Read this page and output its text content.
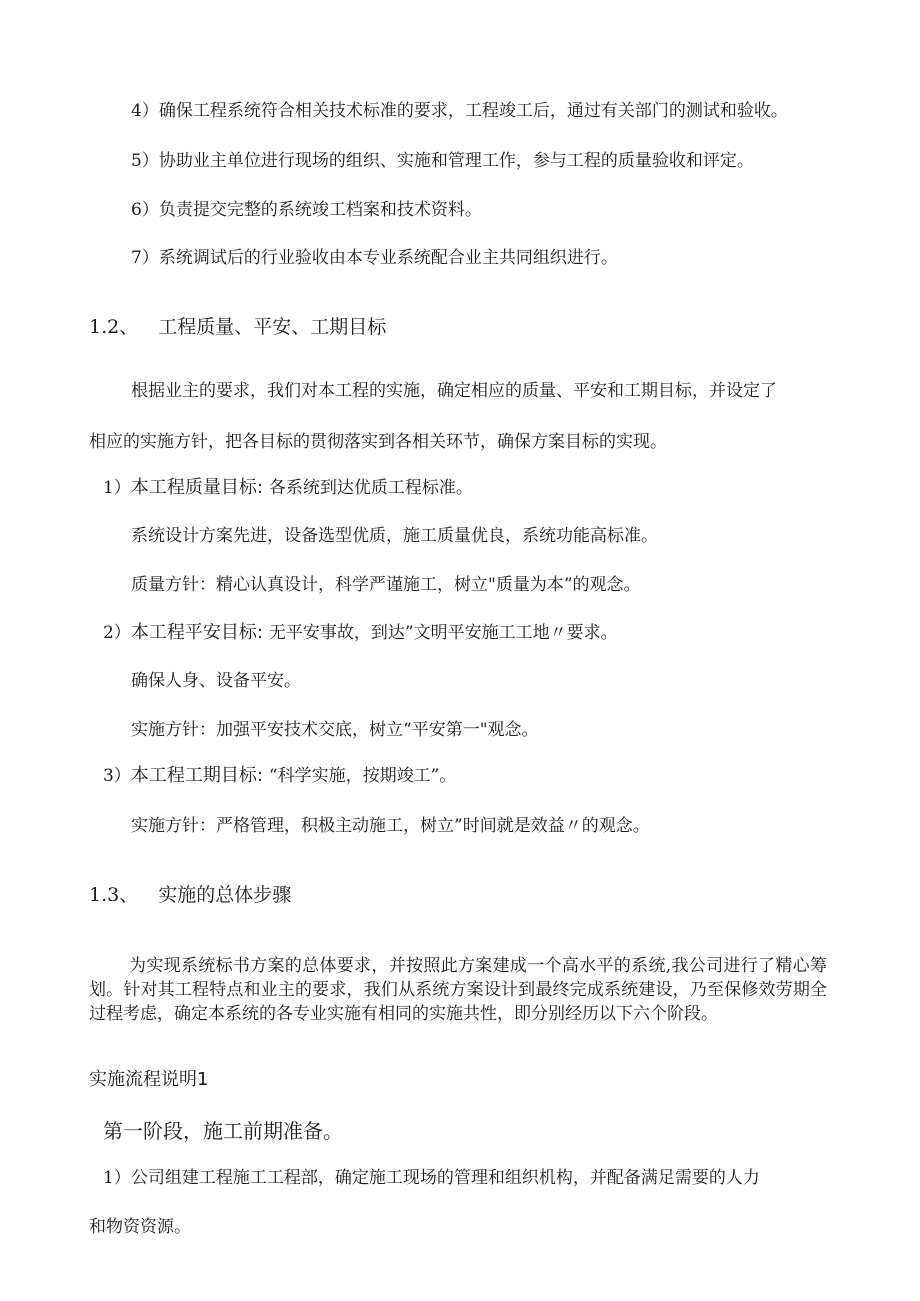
4）确保工程系统符合相关技术标准的要求，工程竣工后，通过有关部门的测试和验收。
5）协助业主单位进行现场的组织、实施和管理工作，参与工程的质量验收和评定。
6）负责提交完整的系统竣工档案和技术资料。
7）系统调试后的行业验收由本专业系统配合业主共同组织进行。
1.2、 工程质量、平安、工期目标
根据业主的要求，我们对本工程的实施，确定相应的质量、平安和工期目标，并设定了
相应的实施方针，把各目标的贯彻落实到各相关环节，确保方案目标的实现。
1）本工程质量目标: 各系统到达优质工程标准。
系统设计方案先进，设备选型优质，施工质量优良，系统功能高标准。
质量方针：精心认真设计，科学严谨施工，树立"质量为本”的观念。
2）本工程平安目标: 无平安事故，到达”文明平安施工工地〃要求。
确保人身、设备平安。
实施方针：加强平安技术交底，树立“平安第一"观念。
3）本工程工期目标: “科学实施，按期竣工”。
实施方针：严格管理，积极主动施工，树立”时间就是效益〃的观念。
1.3、 实施的总体步骤
为实现系统标书方案的总体要求，并按照此方案建成一个高水平的系统,我公司进行了精心筹划。针对其工程特点和业主的要求，我们从系统方案设计到最终完成系统建设，乃至保修效劳期全过程考虑，确定本系统的各专业实施有相同的实施共性，即分别经历以下六个阶段。
实施流程说明1
第一阶段，施工前期准备。
1）公司组建工程施工工程部，确定施工现场的管理和组织机构，并配备满足需要的人力
和物资资源。
